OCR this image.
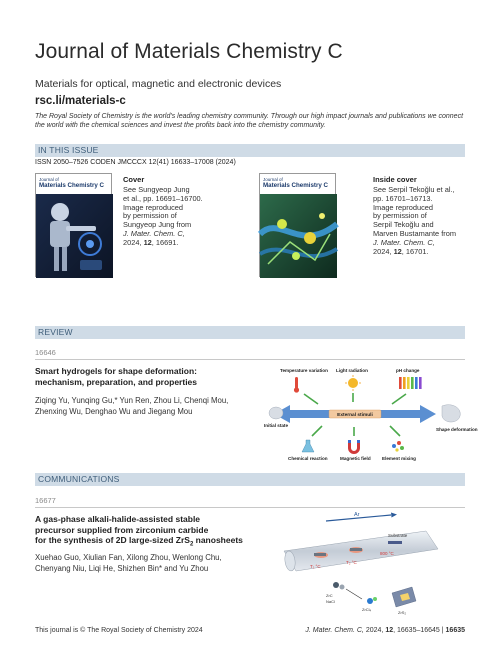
Journal of Materials Chemistry C
Materials for optical, magnetic and electronic devices
rsc.li/materials-c
The Royal Society of Chemistry is the world's leading chemistry community. Through our high impact journals and publications we connect the world with the chemical sciences and invest the profits back into the chemistry community.
IN THIS ISSUE
ISSN 2050–7526 CODEN JMCCCX 12(41) 16633–17008 (2024)
Journal of
Materials Chemistry C
Cover
See Sungyeop Jung
et al., pp. 16691–16700.
Image reproduced
by permission of
Sungyeop Jung from
J. Mater. Chem. C,
2024, 12, 16691.
Journal of
Materials Chemistry C
Inside cover
See Serpil Tekoğlu et al.,
pp. 16701–16713.
Image reproduced
by permission of
Serpil Tekoğlu and
Marven Bustamante from
J. Mater. Chem. C,
2024, 12, 16701.
REVIEW
16646
Smart hydrogels for shape deformation:
mechanism, preparation, and properties
Ziqing Yu, Yunqing Gu,* Yun Ren, Zhou Li, Chenqi Mou,
Zhenxing Wu, Denghao Wu and Jiegang Mou
Temperature variation Light radiation	pH change
External stimuli
Initial state
Shape deformation
Chemical reaction	Magnetic field Element mixing
COMMUNICATIONS
16677
A gas-phase alkali-halide-assisted stable
precursor supplied from zirconium carbide
for the synthesis of 2D large-sized ZrS$_2$ nanosheets
Xuehao Guo, Xiulian Fan, Xilong Zhou, Wenlong Chu,
Chenyang Niu, Liqi He, Shizhen Bin* and Yu Zhou
Ar
Substrate
T₁ °C
T₂ °C
800 °C
ZrC
NaCl
ZrCl₄
ZrS₂
This journal is © The Royal Society of Chemistry 2024	J. Mater. Chem. C, 2024, 12, 16635–16645 | 16635
